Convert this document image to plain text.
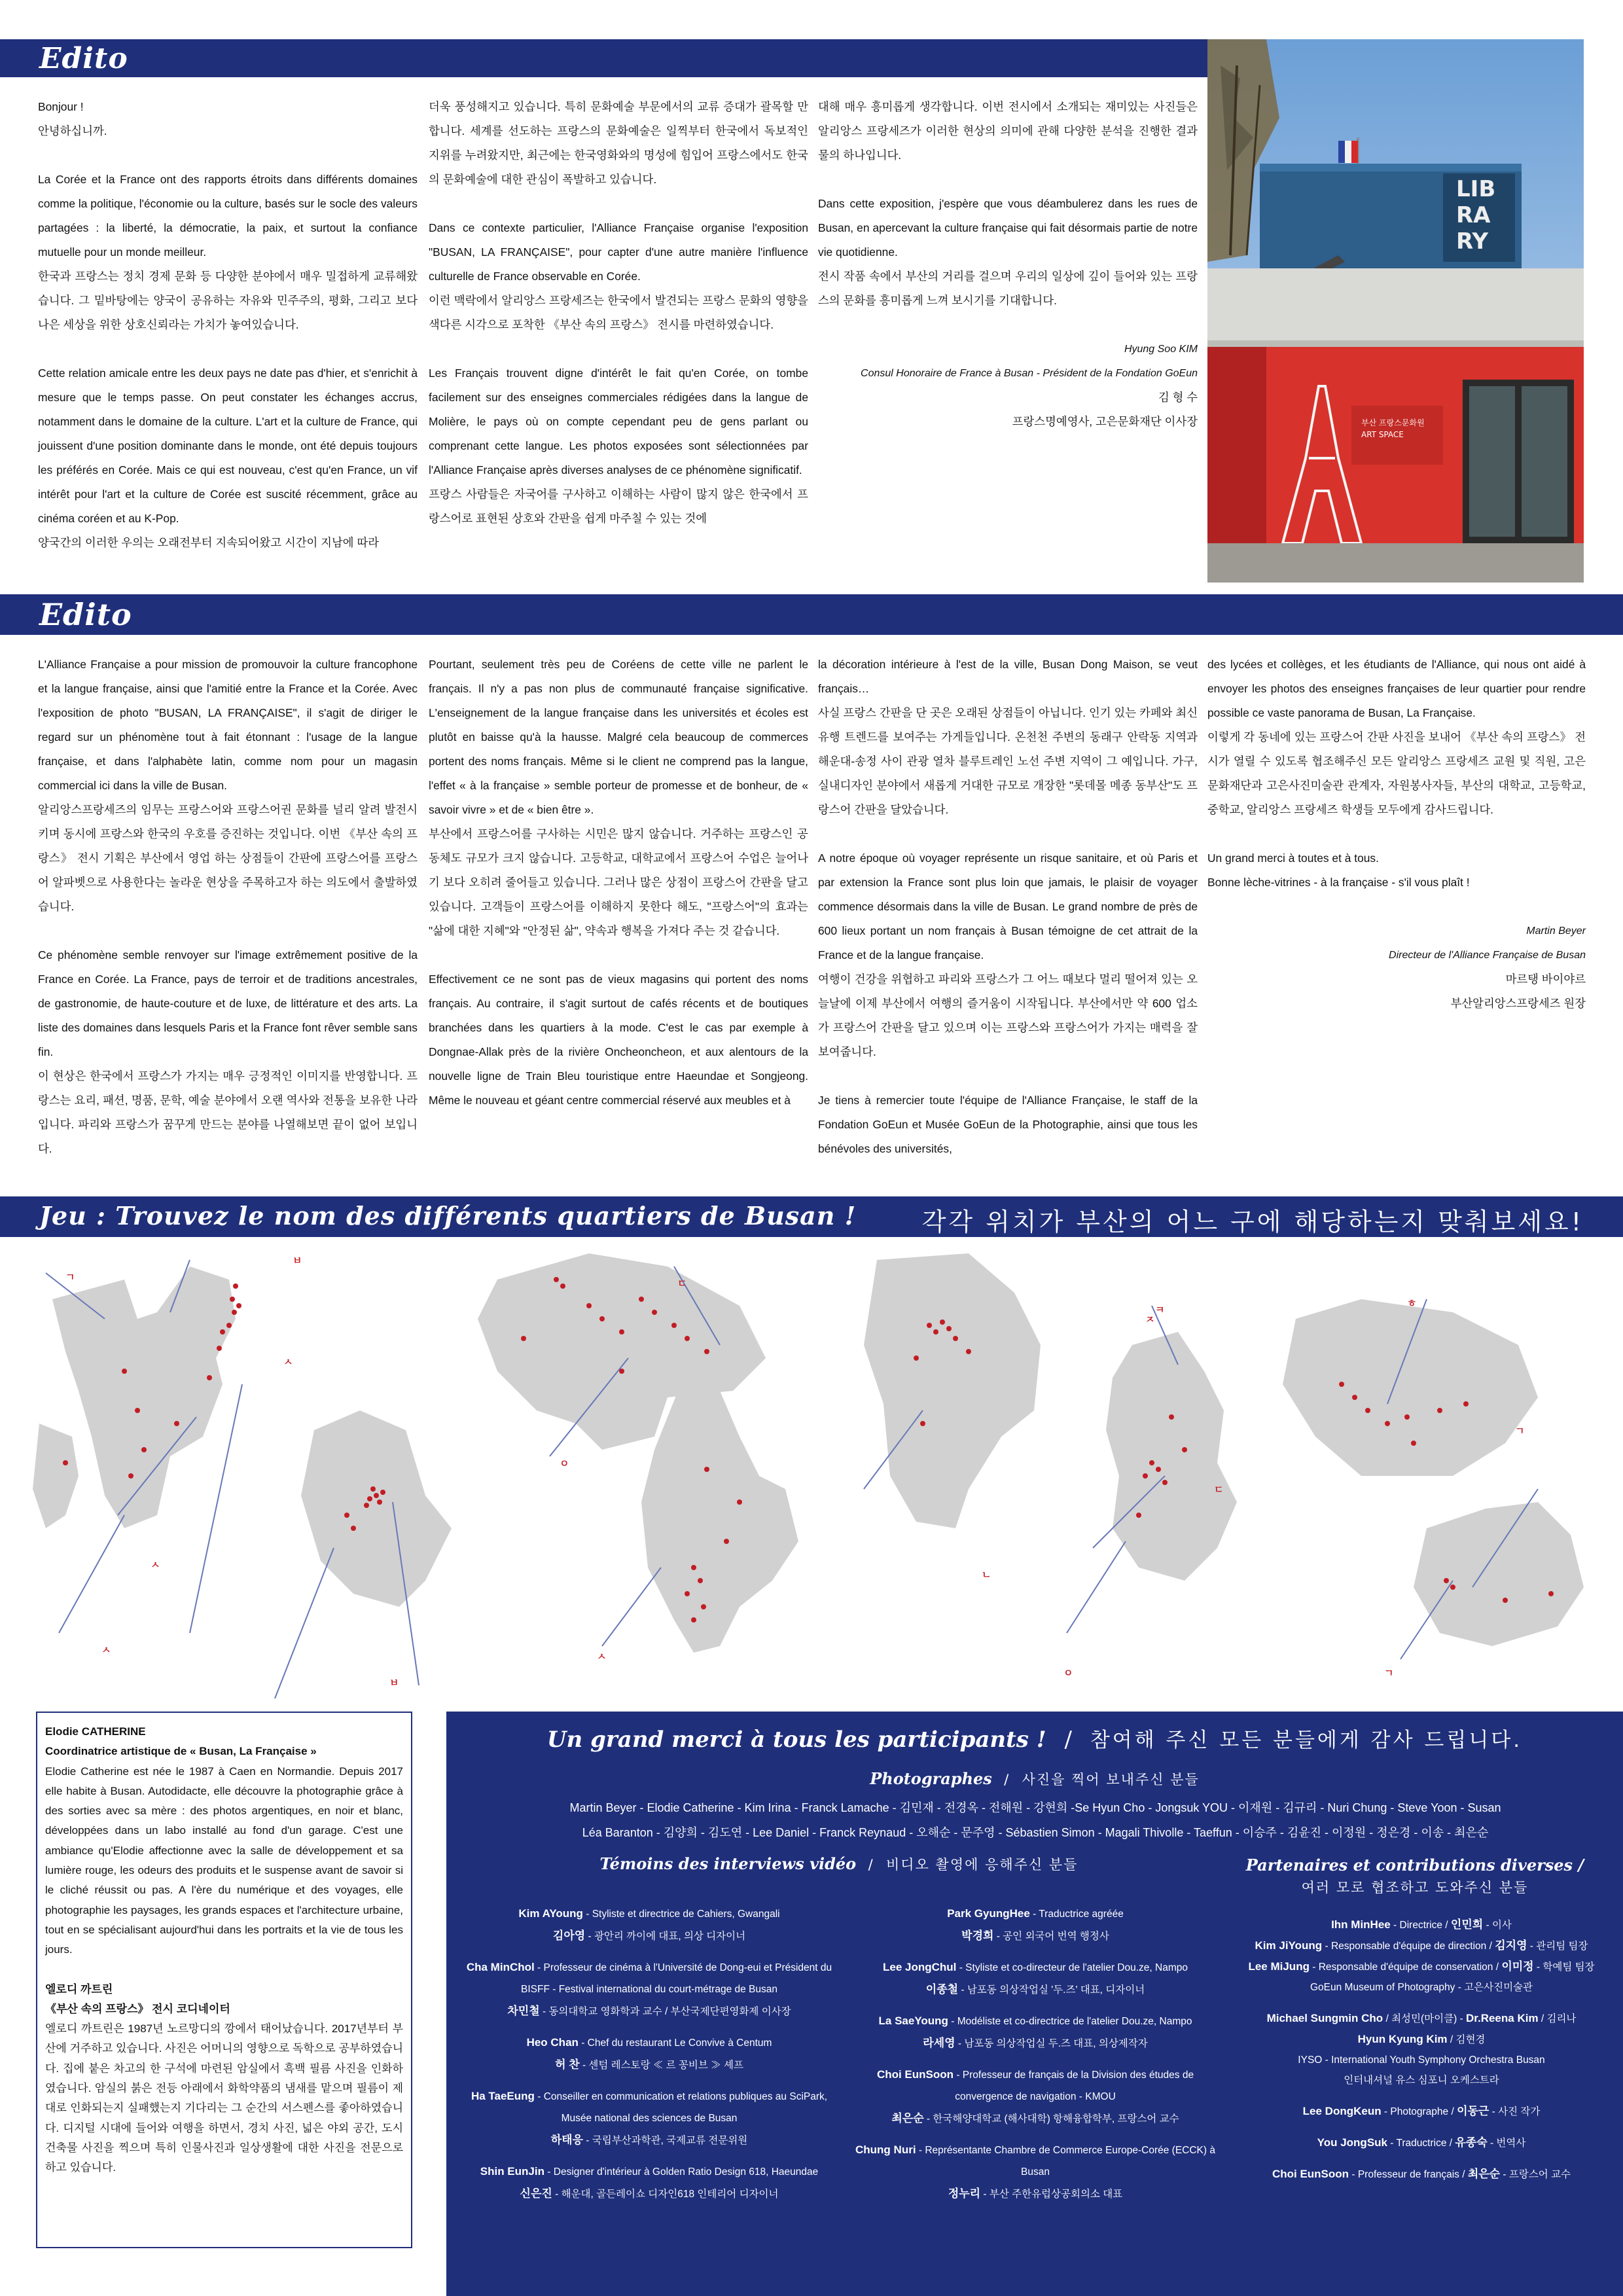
Edito

Bonjour !

안녕하십니까.

La Corée et la France ont des rapports étroits dans différents domaines comme la politique, l'économie ou la culture, basés sur le socle des valeurs partagées : la liberté, la démocratie, la paix, et surtout la confiance mutuelle pour un monde meilleur.

한국과 프랑스는 정치 경제 문화 등 다양한 분야에서 매우 밀접하게 교류해왔습니다. 그 밑바탕에는 양국이 공유하는 자유와 민주주의, 평화, 그리고 보다 나은 세상을 위한 상호신뢰라는 가치가 놓여있습니다.

Cette relation amicale entre les deux pays ne date pas d'hier, et s'enrichit à mesure que le temps passe. On peut constater les échanges accrus, notamment dans le domaine de la culture. L'art et la culture de France, qui jouissent d'une position dominante dans le monde, ont été depuis toujours les préférés en Corée. Mais ce qui est nouveau, c'est qu'en France, un vif intérêt pour l'art et la culture de Corée est suscité récemment, grâce au cinéma coréen et au K-Pop.

양국간의 이러한 우의는 오래전부터 지속되어왔고 시간이 지남에 따라

더욱 풍성해지고 있습니다. 특히 문화예술 부문에서의 교류 증대가 괄목할 만합니다. 세계를 선도하는 프랑스의 문화예술은 일찍부터 한국에서 독보적인 지위를 누려왔지만, 최근에는 한국영화와의 명성에 힘입어 프랑스에서도 한국의 문화예술에 대한 관심이 폭발하고 있습니다.

Dans ce contexte particulier, l'Alliance Française organise l'exposition "BUSAN, LA FRANÇAISE", pour capter d'une autre manière l'influence culturelle de France observable en Corée.

이런 맥락에서 알리앙스 프랑세즈는 한국에서 발견되는 프랑스 문화의 영향을 색다른 시각으로 포착한 《부산 속의 프랑스》 전시를 마련하였습니다.

Les Français trouvent digne d'intérêt le fait qu'en Corée, on tombe facilement sur des enseignes commerciales rédigées dans la langue de Molière, le pays où on compte cependant peu de gens parlant ou comprenant cette langue. Les photos exposées sont sélectionnées par l'Alliance Française après diverses analyses de ce phénomène significatif.

프랑스 사람들은 자국어를 구사하고 이해하는 사람이 많지 않은 한국에서 프랑스어로 표현된 상호와 간판을 쉽게 마주칠 수 있는 것에

대해 매우 흥미롭게 생각합니다. 이번 전시에서 소개되는 재미있는 사진들은 알리앙스 프랑세즈가 이러한 현상의 의미에 관해 다양한 분석을 진행한 결과물의 하나입니다.

Dans cette exposition, j'espère que vous déambulerez dans les rues de Busan, en apercevant la culture française qui fait désormais partie de notre vie quotidienne.

전시 작품 속에서 부산의 거리를 걸으며 우리의 일상에 깊이 들어와 있는 프랑스의 문화를 흥미롭게 느껴 보시기를 기대합니다.

Hyung Soo KIM
Consul Honoraire de France à Busan - Président de la Fondation GoEun
김 형 수
프랑스명예영사, 고은문화재단 이사장
LIB
RA
RY
부산 프랑스문화원
ART SPACE
Edito

L'Alliance Française a pour mission de promouvoir la culture francophone et la langue française, ainsi que l'amitié entre la France et la Corée. Avec l'exposition de photo "BUSAN, LA FRANÇAISE", il s'agit de diriger le regard sur un phénomène tout à fait étonnant : l'usage de la langue française, et dans l'alphabète latin, comme nom pour un magasin commercial ici dans la ville de Busan.

알리앙스프랑세즈의 임무는 프랑스어와 프랑스어권 문화를 널리 알려 발전시키며 동시에 프랑스와 한국의 우호를 증진하는 것입니다. 이번 《부산 속의 프랑스》 전시 기획은 부산에서 영업 하는 상점들이 간판에 프랑스어를 프랑스어 알파벳으로 사용한다는 놀라운 현상을 주목하고자 하는 의도에서 출발하였습니다.

Ce phénomène semble renvoyer sur l'image extrêmement positive de la France en Corée. La France, pays de terroir et de traditions ancestrales, de gastronomie, de haute-couture et de luxe, de littérature et des arts. La liste des domaines dans lesquels Paris et la France font rêver semble sans fin.

이 현상은 한국에서 프랑스가 가지는 매우 긍정적인 이미지를 반영합니다. 프랑스는 요리, 패션, 명품, 문학, 예술 분야에서 오랜 역사와 전통을 보유한 나라입니다. 파리와 프랑스가 꿈꾸게 만드는 분야를 나열해보면 끝이 없어 보입니다.

Pourtant, seulement très peu de Coréens de cette ville ne parlent le français. Il n'y a pas non plus de communauté française significative. L'enseignement de la langue française dans les universités et écoles est plutôt en baisse qu'à la hausse. Malgré cela beaucoup de commerces portent des noms français. Même si le client ne comprend pas la langue, l'effet « à la française » semble porteur de promesse et de bonheur, de « savoir vivre » et de « bien être ».

부산에서 프랑스어를 구사하는 시민은 많지 않습니다. 거주하는 프랑스인 공동체도 규모가 크지 않습니다. 고등학교, 대학교에서 프랑스어 수업은 늘어나기 보다 오히려 줄어들고 있습니다. 그러나 많은 상점이 프랑스어 간판을 달고 있습니다. 고객들이 프랑스어를 이해하지 못한다 해도, "프랑스어"의 효과는 "삶에 대한 지혜"와 "안정된 삶", 약속과 행복을 가져다 주는 것 같습니다.

Effectivement ce ne sont pas de vieux magasins qui portent des noms français. Au contraire, il s'agit surtout de cafés récents et de boutiques branchées dans les quartiers à la mode. C'est le cas par exemple à Dongnae-Allak près de la rivière Oncheoncheon, et aux alentours de la nouvelle ligne de Train Bleu touristique entre Haeundae et Songjeong. Même le nouveau et géant centre commercial réservé aux meubles et à

la décoration intérieure à l'est de la ville, Busan Dong Maison, se veut français…

사실 프랑스 간판을 단 곳은 오래된 상점들이 아닙니다. 인기 있는 카페와 최신 유행 트렌드를 보여주는 가게들입니다. 온천천 주변의 동래구 안락동 지역과 해운대-송정 사이 관광 열차 블루트레인 노선 주변 지역이 그 예입니다. 가구, 실내디자인 분야에서 새롭게 거대한 규모로 개장한 "롯데몰 메종 동부산"도 프랑스어 간판을 달았습니다.

A notre époque où voyager représente un risque sanitaire, et où Paris et par extension la France sont plus loin que jamais, le plaisir de voyager commence désormais dans la ville de Busan. Le grand nombre de près de 600 lieux portant un nom français à Busan témoigne de cet attrait de la France et de la langue française.

여행이 건강을 위협하고 파리와 프랑스가 그 어느 때보다 멀리 떨어져 있는 오늘날에 이제 부산에서 여행의 즐거움이 시작됩니다. 부산에서만 약 600 업소가 프랑스어 간판을 달고 있으며 이는 프랑스와 프랑스어가 가지는 매력을 잘 보여줍니다.

Je tiens à remercier toute l'équipe de l'Alliance Française, le staff de la Fondation GoEun et Musée GoEun de la Photographie, ainsi que tous les bénévoles des universités,

des lycées et collèges, et les étudiants de l'Alliance, qui nous ont aidé à envoyer les photos des enseignes françaises de leur quartier pour rendre possible ce vaste panorama de Busan, La Française.

이렇게 각 동네에 있는 프랑스어 간판 사진을 보내어 《부산 속의 프랑스》 전시가 열릴 수 있도록 협조해주신 모든 알리앙스 프랑세즈 교원 및 직원, 고은문화재단과 고은사진미술관 관계자, 자원봉사자들, 부산의 대학교, 고등학교, 중학교, 알리앙스 프랑세즈 학생들 모두에게 감사드립니다.

Un grand merci à toutes et à tous.
Bonne lèche-vitrines - à la française - s'il vous plaît !

Martin Beyer
Directeur de l'Alliance Française de Busan
마르탱 바이야르
부산알리앙스프랑세즈 원장
Jeu : Trouvez le nom des différents quartiers de Busan !	각각 위치가 부산의 어느 구에 해당하는지 맞춰보세요!
ㄱ
ㅂ
ㅅ
ㅅ
ㅅ
ㅂ
ㄷ
ㅇ
ㅅ
ㅈ
ㅋ
ㄷ
ㄴ
ㅇ
ㅎ
ㄱ
ㄱ
Elodie CATHERINE
Coordinatrice artistique de « Busan, La Française »

Elodie Catherine est née le 1987 à Caen en Normandie. Depuis 2017 elle habite à Busan. Autodidacte, elle découvre la photographie grâce à des sorties avec sa mère : des photos argentiques, en noir et blanc, développées dans un labo installé au fond d'un garage. C'est une ambiance qu'Elodie affectionne avec la salle de développement et sa lumière rouge, les odeurs des produits et le suspense avant de savoir si le cliché réussit ou pas. A l'ère du numérique et des voyages, elle photographie les paysages, les grands espaces et l'architecture urbaine, tout en se spécialisant aujourd'hui dans les portraits et la vie de tous les jours.

엘로디 까트린
《부산 속의 프랑스》 전시 코디네이터

엘로디 까트린은 1987년 노르망디의 깡에서 태어났습니다. 2017년부터 부산에 거주하고 있습니다. 사진은 어머니의 영향으로 독학으로 공부하였습니다. 집에 붙은 차고의 한 구석에 마련된 암실에서 흑백 필름 사진을 인화하였습니다. 암실의 붉은 전등 아래에서 화학약품의 냄새를 맡으며 필름이 제대로 인화되는지 실패했는지 기다리는 그 순간의 서스펜스를 좋아하였습니다. 디지털 시대에 들어와 여행을 하면서, 경치 사진, 넓은 야외 공간, 도시 건축물 사진을 찍으며 특히 인물사진과 일상생활에 대한 사진을 전문으로 하고 있습니다.

Un grand merci à tous les participants ! / 참여해 주신 모든 분들에게 감사 드립니다.
Photographes / 사진을 찍어 보내주신 분들
Martin Beyer - Elodie Catherine - Kim Irina - Franck Lamache - 김민재 - 전경옥 - 전해원 - 강현희 -Se Hyun Cho - Jongsuk YOU - 이재원 - 김규리 - Nuri Chung - Steve Yoon - Susan
Léa Baranton - 김양희 - 김도연 - Lee Daniel - Franck Reynaud - 오해순 - 문주영 - Sébastien Simon - Magali Thivolle - Taeffun - 이승주 - 김윤진 - 이정원 - 정은경 - 이송 - 최은순
Témoins des interviews vidéo / 비디오 촬영에 응해주신 분들	Partenaires et contributions diverses /
여러 모로 협조하고 도와주신 분들
Kim AYoung - Styliste et directrice de Cahiers, Gwangali
김아영 - 광안리 까이에 대표, 의상 디자이너
Cha MinChol - Professeur de cinéma à l'Université de Dong-eui et Président du BISFF - Festival international du court-métrage de Busan
차민철 - 동의대학교 영화학과 교수 / 부산국제단편영화제 이사장
Heo Chan - Chef du restaurant Le Convive à Centum
허 찬 - 센텀 레스토랑 ≪ 르 꽁비브 ≫ 셰프
Ha TaeEung - Conseiller en communication et relations publiques au SciPark, Musée national des sciences de Busan
하태응 - 국립부산과학관, 국제교류 전문위원
Shin EunJin - Designer d'intérieur à Golden Ratio Design 618, Haeundae
신은진 - 해운대, 골든레이쇼 디자인618 인테리어 디자이너
Park GyungHee - Traductrice agréée
박경희 - 공인 외국어 번역 행정사
Lee JongChul - Styliste et co-directeur de l'atelier Dou.ze, Nampo
이종철 - 남포동 의상작업실 '두.즈' 대표, 디자이너
La SaeYoung - Modéliste et co-directrice de l'atelier Dou.ze, Nampo
라세영 - 남포동 의상작업실 두.즈 대표, 의상제작자
Choi EunSoon - Professeur de français de la Division des études de convergence de navigation - KMOU
최은순 - 한국해양대학교 (해사대학) 항해융합학부, 프랑스어 교수
Chung Nuri - Représentante Chambre de Commerce Europe-Corée (ECCK) à Busan
정누리 - 부산 주한유럽상공회의소 대표
Ihn MinHee - Directrice / 인민희 - 이사
Kim JiYoung - Responsable d'équipe de direction / 김지영 - 관리팀 팀장
Lee MiJung - Responsable d'équipe de conservation / 이미정 - 학예팀 팀장
GoEun Museum of Photography - 고은사진미술관
Michael Sungmin Cho / 최성민(마이클) - Dr.Reena Kim / 김리나
Hyun Kyung Kim / 김현경
IYSO - International Youth Symphony Orchestra Busan
인터내셔널 유스 심포니 오케스트라
Lee DongKeun - Photographe / 이동근 - 사진 작가
You JongSuk - Traductrice / 유종숙 - 번역사
Choi EunSoon - Professeur de français / 최은순 - 프랑스어 교수
